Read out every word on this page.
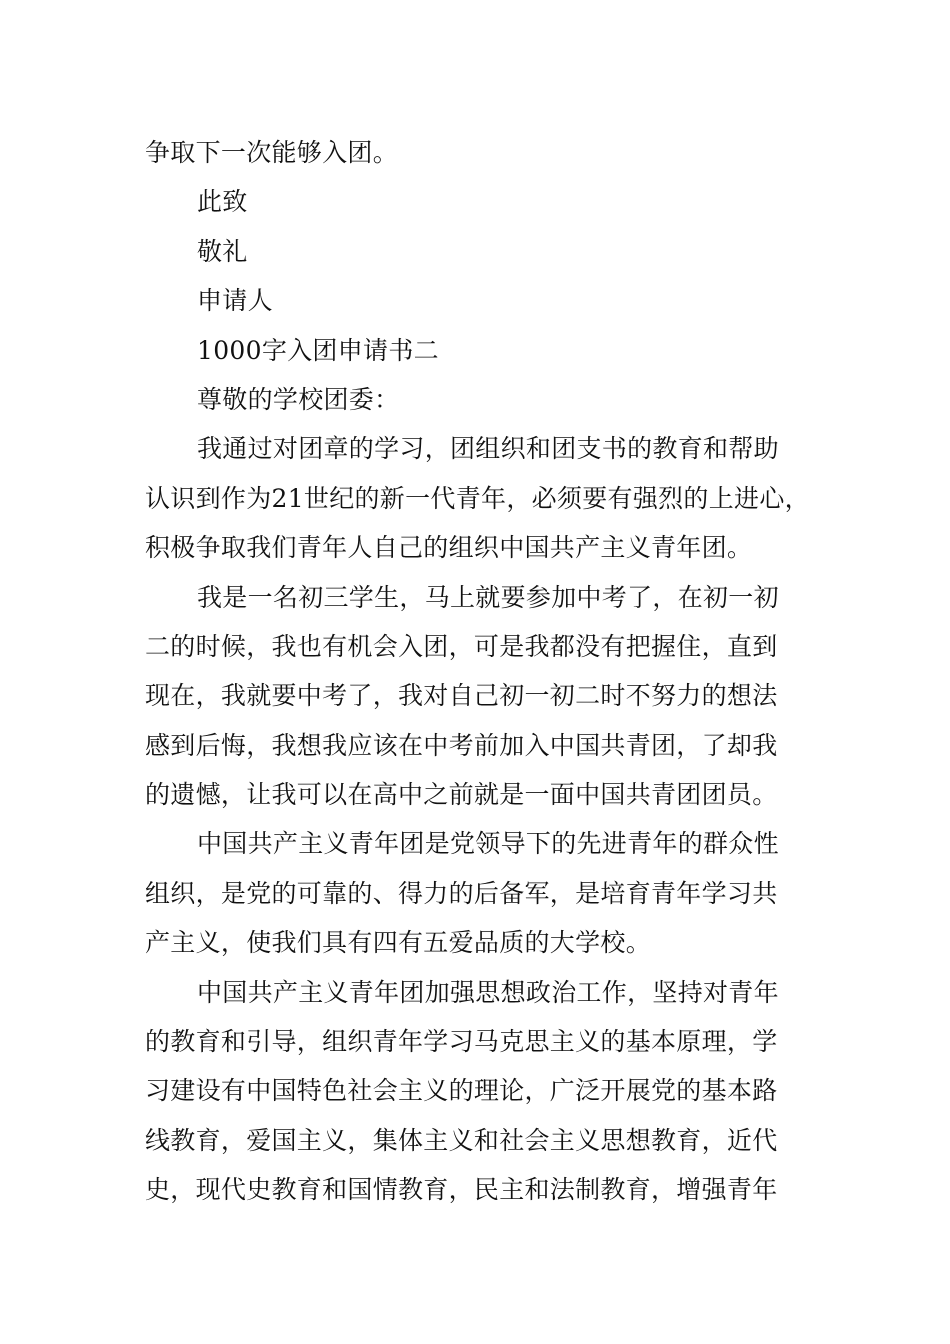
争取下一次能够入团。

此致

敬礼

申请人

1000字入团申请书二

尊敬的学校团委：

我通过对团章的学习，团组织和团支书的教育和帮助

认识到作为21世纪的新一代青年，必须要有强烈的上进心，

积极争取我们青年人自己的组织中国共产主义青年团。

我是一名初三学生，马上就要参加中考了，在初一初

二的时候，我也有机会入团，可是我都没有把握住，直到

现在，我就要中考了，我对自己初一初二时不努力的想法

感到后悔，我想我应该在中考前加入中国共青团，了却我

的遗憾，让我可以在高中之前就是一面中国共青团团员。

中国共产主义青年团是党领导下的先进青年的群众性

组织，是党的可靠的、得力的后备军，是培育青年学习共

产主义，使我们具有四有五爱品质的大学校。

中国共产主义青年团加强思想政治工作，坚持对青年

的教育和引导，组织青年学习马克思主义的基本原理，学

习建设有中国特色社会主义的理论，广泛开展党的基本路

线教育，爱国主义，集体主义和社会主义思想教育，近代

史，现代史教育和国情教育，民主和法制教育，增强青年
